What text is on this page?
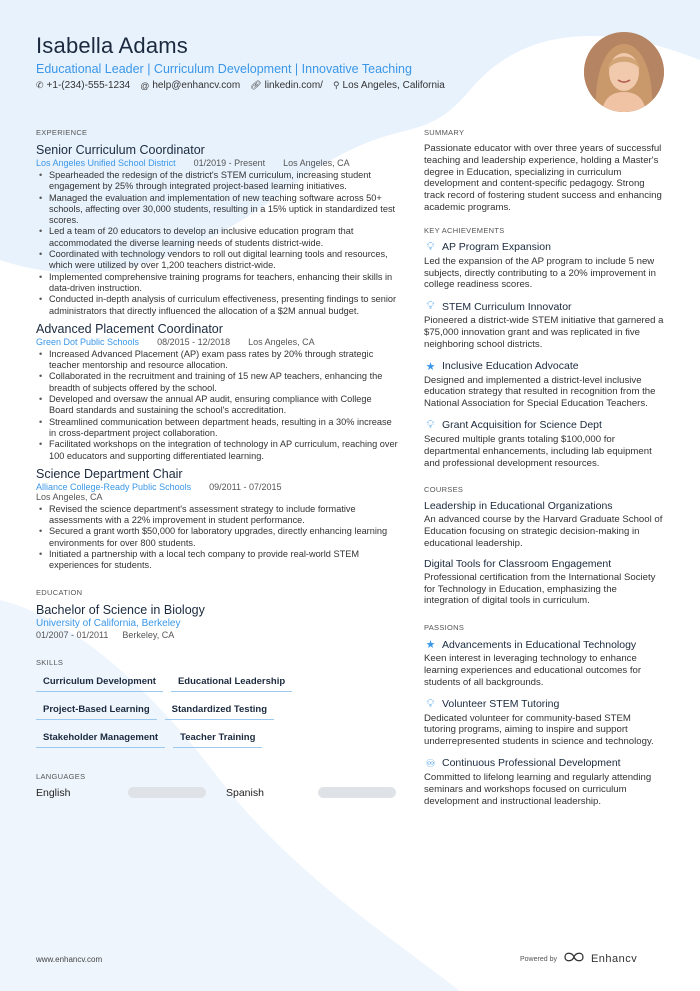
Isabella Adams
Educational Leader | Curriculum Development | Innovative Teaching
✆ +1-(234)-555-1234 @ help@enhancv.com 🔗︎ linkedin.com/ ⚲ Los Angeles, California
EXPERIENCE
Senior Curriculum Coordinator
Los Angeles Unified School District 01/2019 - Present Los Angeles, CA
• Spearheaded the redesign of the district's STEM curriculum, increasing student engagement by 25% through integrated project-based learning initiatives.
• Managed the evaluation and implementation of new teaching software across 50+ schools, affecting over 30,000 students, resulting in a 15% uptick in standardized test scores.
• Led a team of 20 educators to develop an inclusive education program that accommodated the diverse learning needs of students district-wide.
• Coordinated with technology vendors to roll out digital learning tools and resources, which were utilized by over 1,200 teachers district-wide.
• Implemented comprehensive training programs for teachers, enhancing their skills in data-driven instruction.
• Conducted in-depth analysis of curriculum effectiveness, presenting findings to senior administrators that directly influenced the allocation of a $2M annual budget.
Advanced Placement Coordinator
Green Dot Public Schools 08/2015 - 12/2018 Los Angeles, CA
• Increased Advanced Placement (AP) exam pass rates by 20% through strategic teacher mentorship and resource allocation.
• Collaborated in the recruitment and training of 15 new AP teachers, enhancing the breadth of subjects offered by the school.
• Developed and oversaw the annual AP audit, ensuring compliance with College Board standards and sustaining the school's accreditation.
• Streamlined communication between department heads, resulting in a 30% increase in cross-department project collaboration.
• Facilitated workshops on the integration of technology in AP curriculum, reaching over 100 educators and supporting differentiated learning.
Science Department Chair
Alliance College-Ready Public Schools 09/2011 - 07/2015
Los Angeles, CA
• Revised the science department's assessment strategy to include formative assessments with a 22% improvement in student performance.
• Secured a grant worth $50,000 for laboratory upgrades, directly enhancing learning environments for over 800 students.
• Initiated a partnership with a local tech company to provide real-world STEM experiences for students.
EDUCATION
Bachelor of Science in Biology
University of California, Berkeley
01/2007 - 01/2011 Berkeley, CA
SKILLS
Curriculum Development	Educational Leadership
Project-Based Learning	Standardized Testing
Stakeholder Management	Teacher Training
LANGUAGES
English	Spanish
SUMMARY
Passionate educator with over three years of successful teaching and leadership experience, holding a Master's degree in Education, specializing in curriculum development and content-specific pedagogy. Strong track record of fostering student success and enhancing academic programs.
KEY ACHIEVEMENTS
💡︎ AP Program Expansion
Led the expansion of the AP program to include 5 new subjects, directly contributing to a 20% improvement in college readiness scores.
💡︎ STEM Curriculum Innovator
Pioneered a district-wide STEM initiative that garnered a $75,000 innovation grant and was replicated in five neighboring school districts.
★ Inclusive Education Advocate
Designed and implemented a district-level inclusive education strategy that resulted in recognition from the National Association for Special Education Teachers.
💡︎ Grant Acquisition for Science Dept
Secured multiple grants totaling $100,000 for departmental enhancements, including lab equipment and professional development resources.
COURSES
Leadership in Educational Organizations
An advanced course by the Harvard Graduate School of Education focusing on strategic decision-making in educational leadership.
Digital Tools for Classroom Engagement
Professional certification from the International Society for Technology in Education, emphasizing the integration of digital tools in curriculum.
PASSIONS
★ Advancements in Educational Technology
Keen interest in leveraging technology to enhance learning experiences and educational outcomes for students of all backgrounds.
💡︎ Volunteer STEM Tutoring
Dedicated volunteer for community-based STEM tutoring programs, aiming to inspire and support underrepresented students in science and technology.
♾︎ Continuous Professional Development
Committed to lifelong learning and regularly attending seminars and workshops focused on curriculum development and instructional leadership.
www.enhancv.com	Powered by	Enhancv
